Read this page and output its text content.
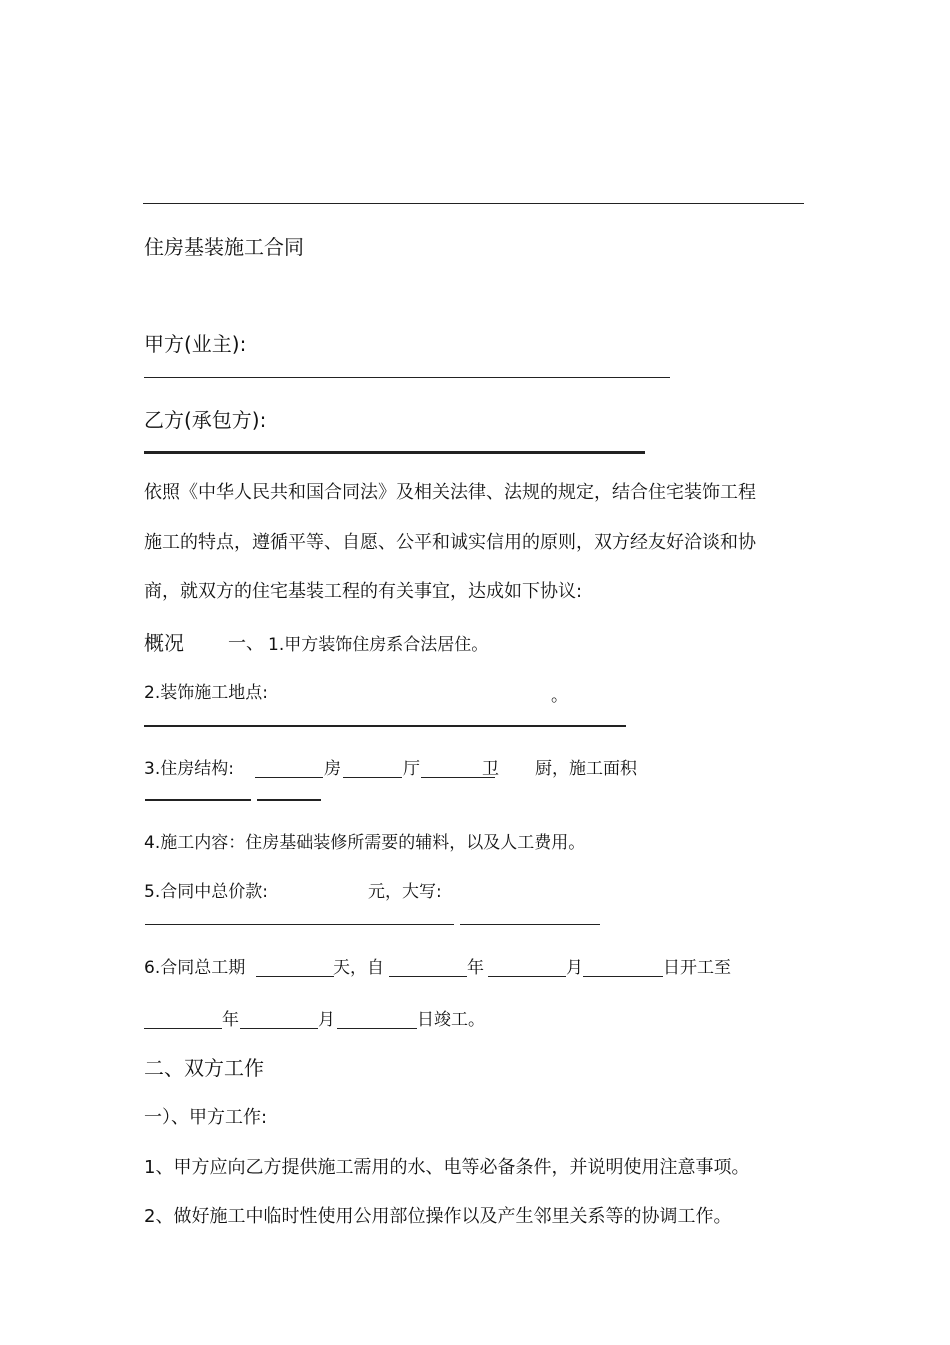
住房基装施工合同
甲方(业主):
乙方(承包方):
依照《中华人民共和国合同法》及相关法律、法规的规定，结合住宅装饰工程
施工的特点，遵循平等、自愿、公平和诚实信用的原则，双方经友好洽谈和协
商，就双方的住宅基装工程的有关事宜，达成如下协议:
概况 一、 1.甲方装饰住房系合法居住。
2.装饰施工地点:	。
3.住房结构:	房	厅	卫 厨，施工面积
4.施工内容：住房基础装修所需要的辅料，以及人工费用。
5.合同中总价款:	元，大写:
6.合同总工期	天，自	年	月	日开工至
年	月	日竣工。
二、双方工作
一）、甲方工作:
1、甲方应向乙方提供施工需用的水、电等必备条件，并说明使用注意事项。
2、做好施工中临时性使用公用部位操作以及产生邻里关系等的协调工作。
